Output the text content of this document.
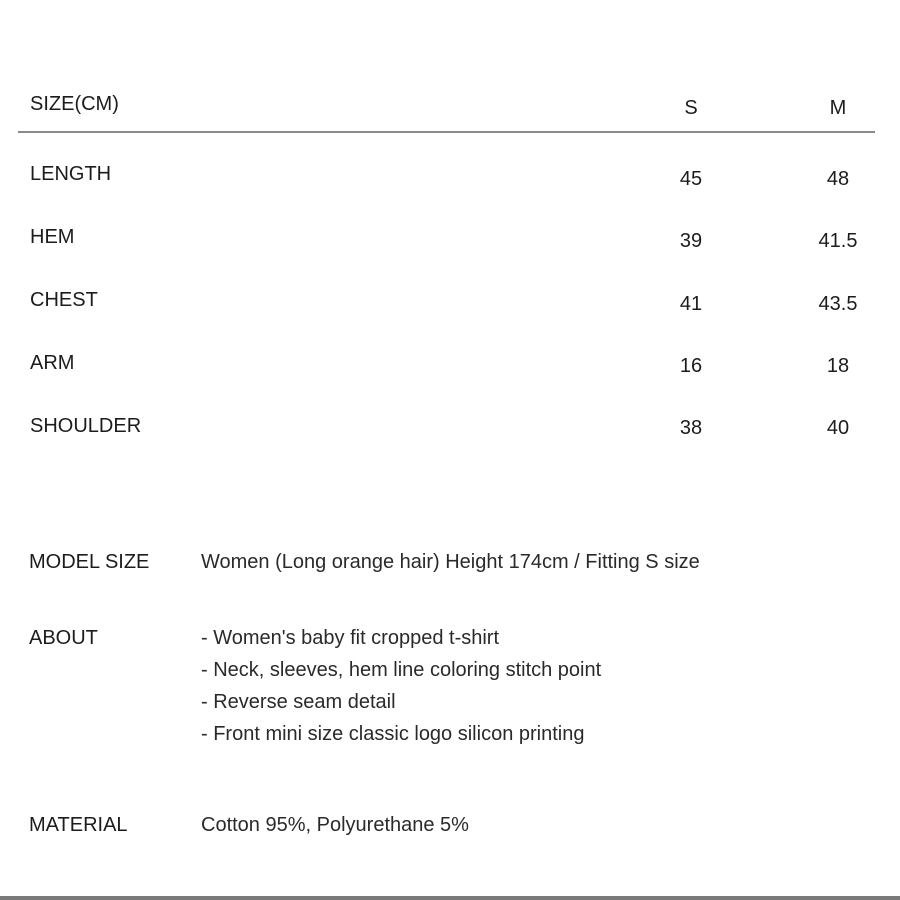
SIZE(CM)	S	M
LENGTH	45	48
HEM	39	41.5
CHEST	41	43.5
ARM	16	18
SHOULDER	38	40
MODEL SIZE	Women (Long orange hair) Height 174cm / Fitting S size
ABOUT	- Women's baby fit cropped t-shirt
- Neck, sleeves, hem line coloring stitch point
- Reverse seam detail
- Front mini size classic logo silicon printing
MATERIAL	Cotton 95%, Polyurethane 5%
